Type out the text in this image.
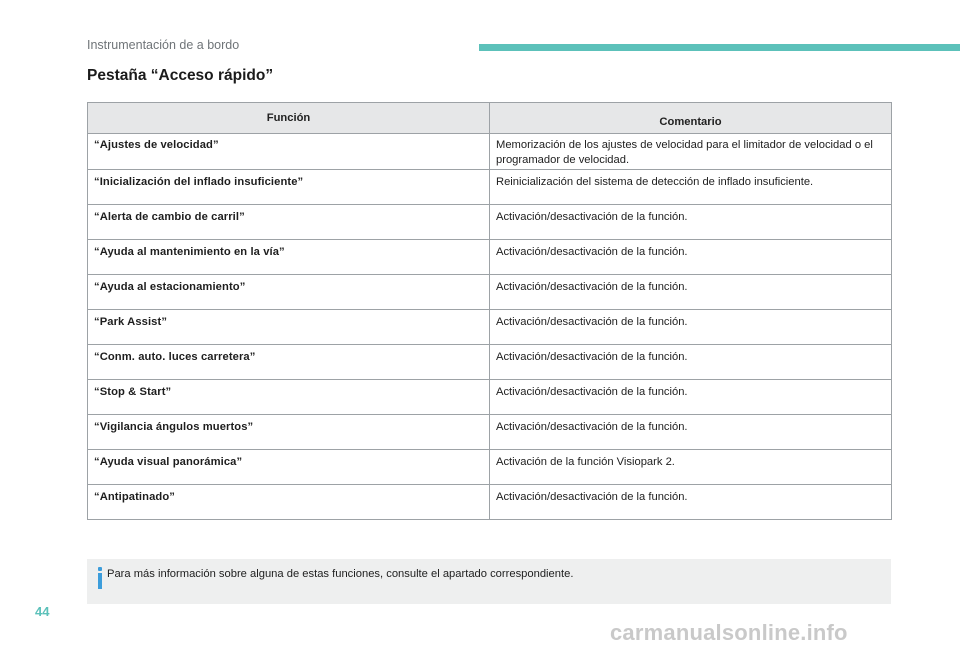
Instrumentación de a bordo
Pestaña “Acceso rápido”
Función	Comentario
“Ajustes de velocidad”	Memorización de los ajustes de velocidad para el limitador de velocidad o el programador de velocidad.
“Inicialización del inflado insuficiente”	Reinicialización del sistema de detección de inflado insuficiente.
“Alerta de cambio de carril”	Activación/desactivación de la función.
“Ayuda al mantenimiento en la vía”	Activación/desactivación de la función.
“Ayuda al estacionamiento”	Activación/desactivación de la función.
“Park Assist”	Activación/desactivación de la función.
“Conm. auto. luces carretera”	Activación/desactivación de la función.
“Stop & Start”	Activación/desactivación de la función.
“Vigilancia ángulos muertos”	Activación/desactivación de la función.
“Ayuda visual panorámica”	Activación de la función Visiopark 2.
“Antipatinado”	Activación/desactivación de la función.
Para más información sobre alguna de estas funciones, consulte el apartado correspondiente.
44
carmanualsonline.info
